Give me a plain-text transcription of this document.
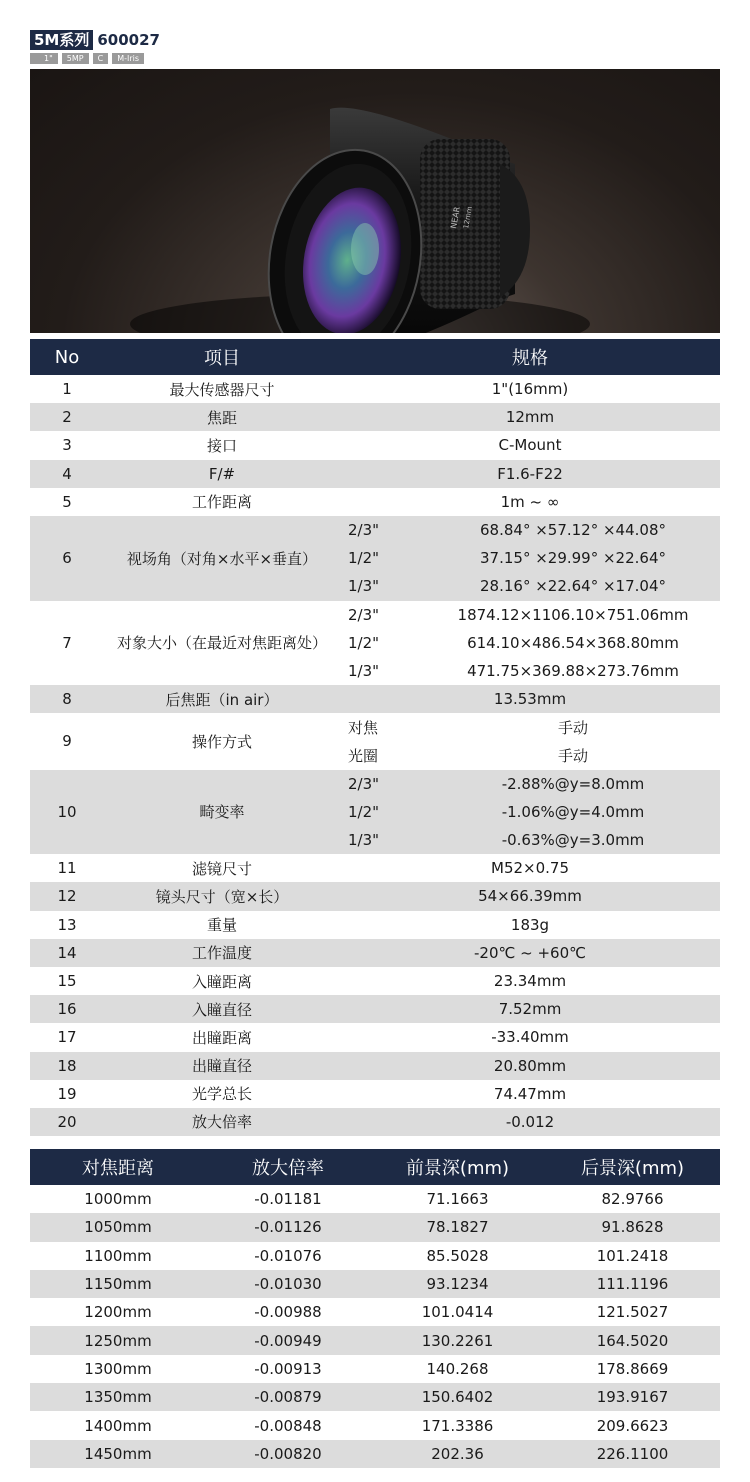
5M系列 600027
1"	5MP	C	M-Iris
NEAR 12mm
No	项目	规格	
1	最大传感器尺寸	1"(16mm)	
2	焦距	12mm	
3	接口	C-Mount	
4	F/#	F1.6-F22	
5	工作距离	1m ~ ∞	
6	视场角（对角×水平×垂直）	2/3"	68.84° ×57.12° ×44.08°
		1/2"	37.15° ×29.99° ×22.64°
		1/3"	28.16° ×22.64° ×17.04°
7	对象大小（在最近对焦距离处）	2/3"	1874.12×1106.10×751.06mm
		1/2"	614.10×486.54×368.80mm
		1/3"	471.75×369.88×273.76mm
8	后焦距（in air）	13.53mm	
9	操作方式	对焦	手动
		光圈	手动
10	畸变率	2/3"	-2.88%@y=8.0mm
		1/2"	-1.06%@y=4.0mm
		1/3"	-0.63%@y=3.0mm
11	滤镜尺寸	M52×0.75	
12	镜头尺寸（宽×长）	54×66.39mm	
13	重量	183g	
14	工作温度	-20℃ ~ +60℃	
15	入瞳距离	23.34mm	
16	入瞳直径	7.52mm	
17	出瞳距离	-33.40mm	
18	出瞳直径	20.80mm	
19	光学总长	74.47mm	
20	放大倍率	-0.012	
对焦距离	放大倍率	前景深(mm)	后景深(mm)
1000mm	-0.01181	71.1663	82.9766
1050mm	-0.01126	78.1827	91.8628
1100mm	-0.01076	85.5028	101.2418
1150mm	-0.01030	93.1234	111.1196
1200mm	-0.00988	101.0414	121.5027
1250mm	-0.00949	130.2261	164.5020
1300mm	-0.00913	140.268	178.8669
1350mm	-0.00879	150.6402	193.9167
1400mm	-0.00848	171.3386	209.6623
1450mm	-0.00820	202.36	226.1100
